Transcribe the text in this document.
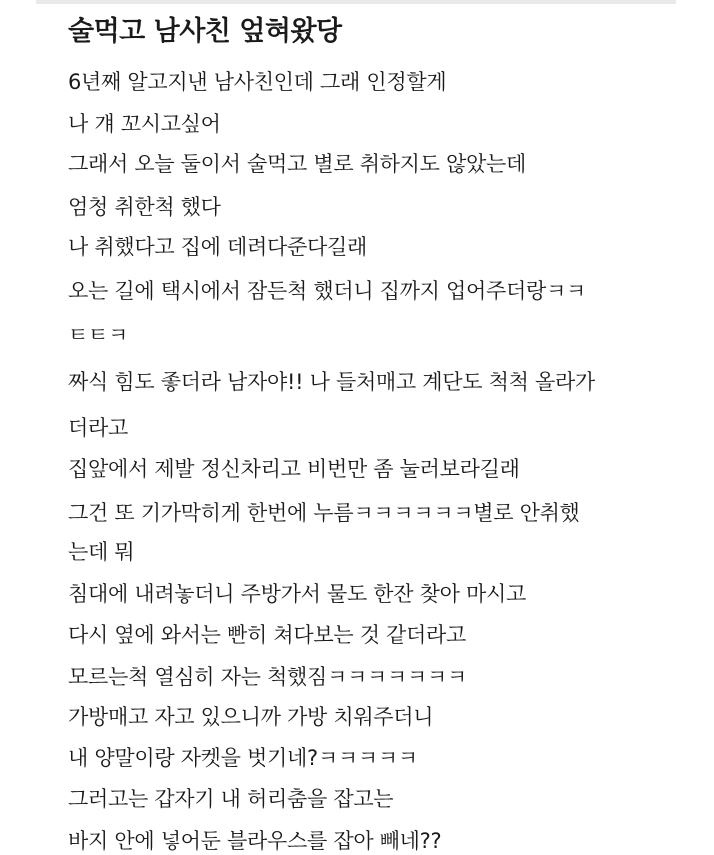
술먹고 남사친 엎혀왔당
6년째 알고지낸 남사친인데 그래 인정할게
나 걔 꼬시고싶어
그래서 오늘 둘이서 술먹고 별로 취하지도 않았는데
엄청 취한척 했다
나 취했다고 집에 데려다준다길래
오는 길에 택시에서 잠든척 했더니 집까지 업어주더랑ㅋㅋ
ㅌㅌㅋ
짜식 힘도 좋더라 남자야!! 나 들처매고 계단도 척척 올라가
더라고
집앞에서 제발 정신차리고 비번만 좀 눌러보라길래
그건 또 기가막히게 한번에 누름ㅋㅋㅋㅋㅋㅋ별로 안취했
는데 뭐
침대에 내려놓더니 주방가서 물도 한잔 찾아 마시고
다시 옆에 와서는 빤히 쳐다보는 것 같더라고
모르는척 열심히 자는 척했짐ㅋㅋㅋㅋㅋㅋㅋ
가방매고 자고 있으니까 가방 치워주더니
내 양말이랑 자켓을 벗기네?ㅋㅋㅋㅋㅋ
그러고는 갑자기 내 허리춤을 잡고는
바지 안에 넣어둔 블라우스를 잡아 빼네??
